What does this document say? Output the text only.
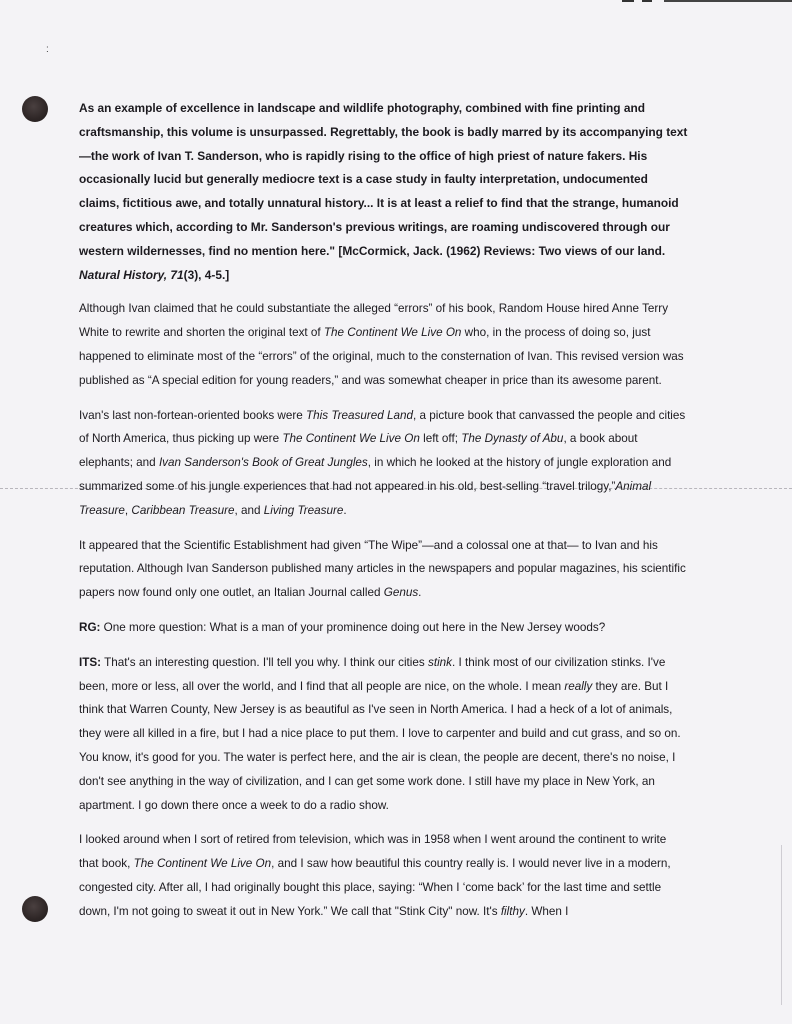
:

As an example of excellence in landscape and wildlife photography, combined with fine printing and craftsmanship, this volume is unsurpassed. Regrettably, the book is badly marred by its accompanying text—the work of Ivan T. Sanderson, who is rapidly rising to the office of high priest of nature fakers. His occasionally lucid but generally mediocre text is a case study in faulty interpretation, undocumented claims, fictitious awe, and totally unnatural history... It is at least a relief to find that the strange, humanoid creatures which, according to Mr. Sanderson's previous writings, are roaming undiscovered through our western wildernesses, find no mention here." [McCormick, Jack. (1962) Reviews: Two views of our land. Natural History, 71(3), 4-5.]

Although Ivan claimed that he could substantiate the alleged “errors” of his book, Random House hired Anne Terry White to rewrite and shorten the original text of The Continent We Live On who, in the process of doing so, just happened to eliminate most of the “errors” of the original, much to the consternation of Ivan. This revised version was published as “A special edition for young readers,” and was somewhat cheaper in price than its awesome parent.

Ivan's last non-fortean-oriented books were This Treasured Land, a picture book that canvassed the people and cities of North America, thus picking up were The Continent We Live On left off; The Dynasty of Abu, a book about elephants; and Ivan Sanderson's Book of Great Jungles, in which he looked at the history of jungle exploration and summarized some of his jungle experiences that had not appeared in his old, best-selling “travel trilogy,”Animal Treasure, Caribbean Treasure, and Living Treasure.

It appeared that the Scientific Establishment had given “The Wipe”—and a colossal one at that— to Ivan and his reputation. Although Ivan Sanderson published many articles in the newspapers and popular magazines, his scientific papers now found only one outlet, an Italian Journal called Genus.

RG: One more question: What is a man of your prominence doing out here in the New Jersey woods?

ITS: That's an interesting question. I'll tell you why. I think our cities stink. I think most of our civilization stinks. I've been, more or less, all over the world, and I find that all people are nice, on the whole. I mean really they are. But I think that Warren County, New Jersey is as beautiful as I've seen in North America. I had a heck of a lot of animals, they were all killed in a fire, but I had a nice place to put them. I love to carpenter and build and cut grass, and so on. You know, it's good for you. The water is perfect here, and the air is clean, the people are decent, there's no noise, I don't see anything in the way of civilization, and I can get some work done. I still have my place in New York, an apartment. I go down there once a week to do a radio show.

I looked around when I sort of retired from television, which was in 1958 when I went around the continent to write that book, The Continent We Live On, and I saw how beautiful this country really is. I would never live in a modern, congested city. After all, I had originally bought this place, saying: “When I ‘come back’ for the last time and settle down, I'm not going to sweat it out in New York.” We call that "Stink City" now. It's filthy. When I
